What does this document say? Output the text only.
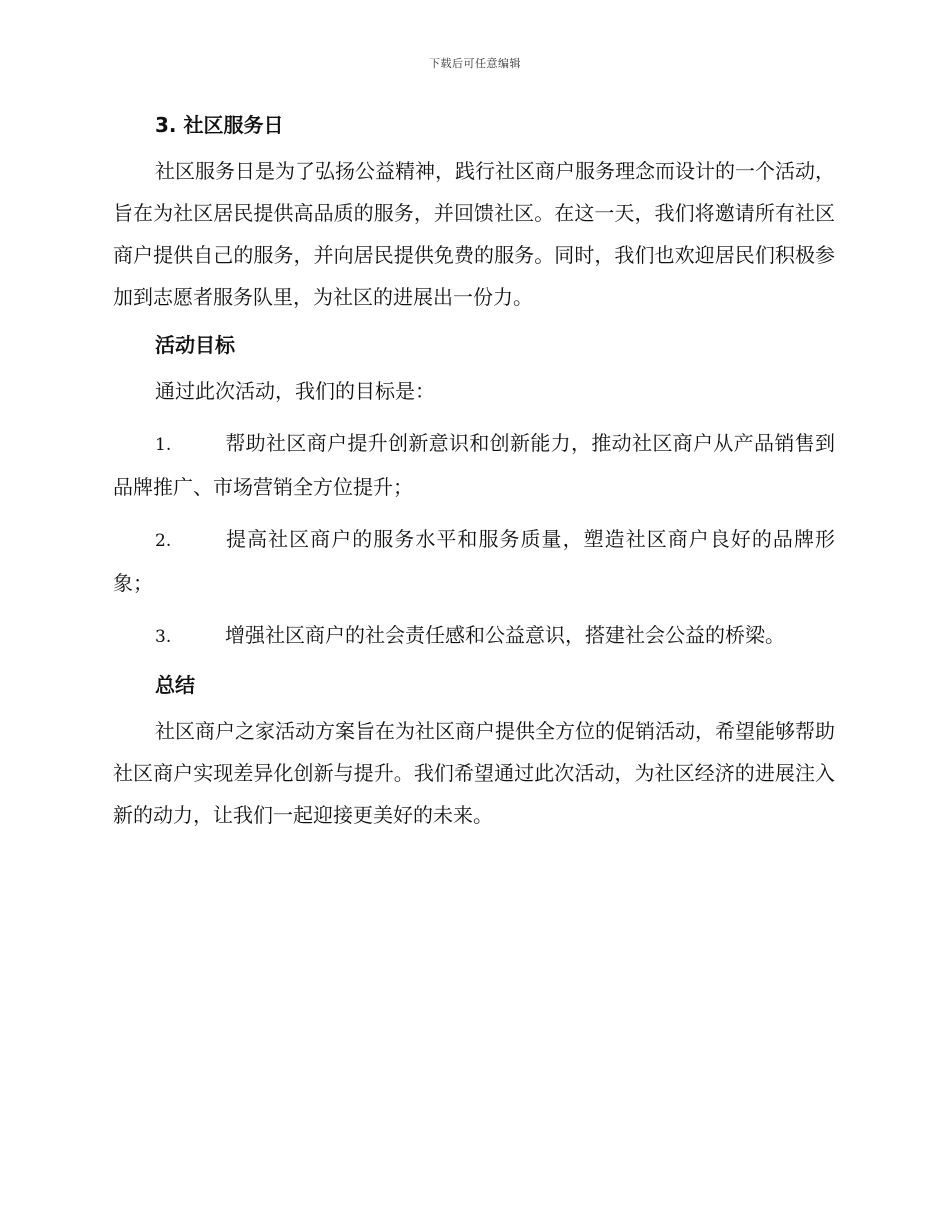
下载后可任意编辑

3. 社区服务日

社区服务日是为了弘扬公益精神，践行社区商户服务理念而设计的一个活动，旨在为社区居民提供高品质的服务，并回馈社区。在这一天，我们将邀请所有社区商户提供自己的服务，并向居民提供免费的服务。同时，我们也欢迎居民们积极参加到志愿者服务队里，为社区的进展出一份力。

活动目标

通过此次活动，我们的目标是：

1.	帮助社区商户提升创新意识和创新能力，推动社区商户从产品销售到品牌推广、市场营销全方位提升；

2.	提高社区商户的服务水平和服务质量，塑造社区商户良好的品牌形象；

3.	增强社区商户的社会责任感和公益意识，搭建社会公益的桥梁。

总结

社区商户之家活动方案旨在为社区商户提供全方位的促销活动，希望能够帮助社区商户实现差异化创新与提升。我们希望通过此次活动，为社区经济的进展注入新的动力，让我们一起迎接更美好的未来。
